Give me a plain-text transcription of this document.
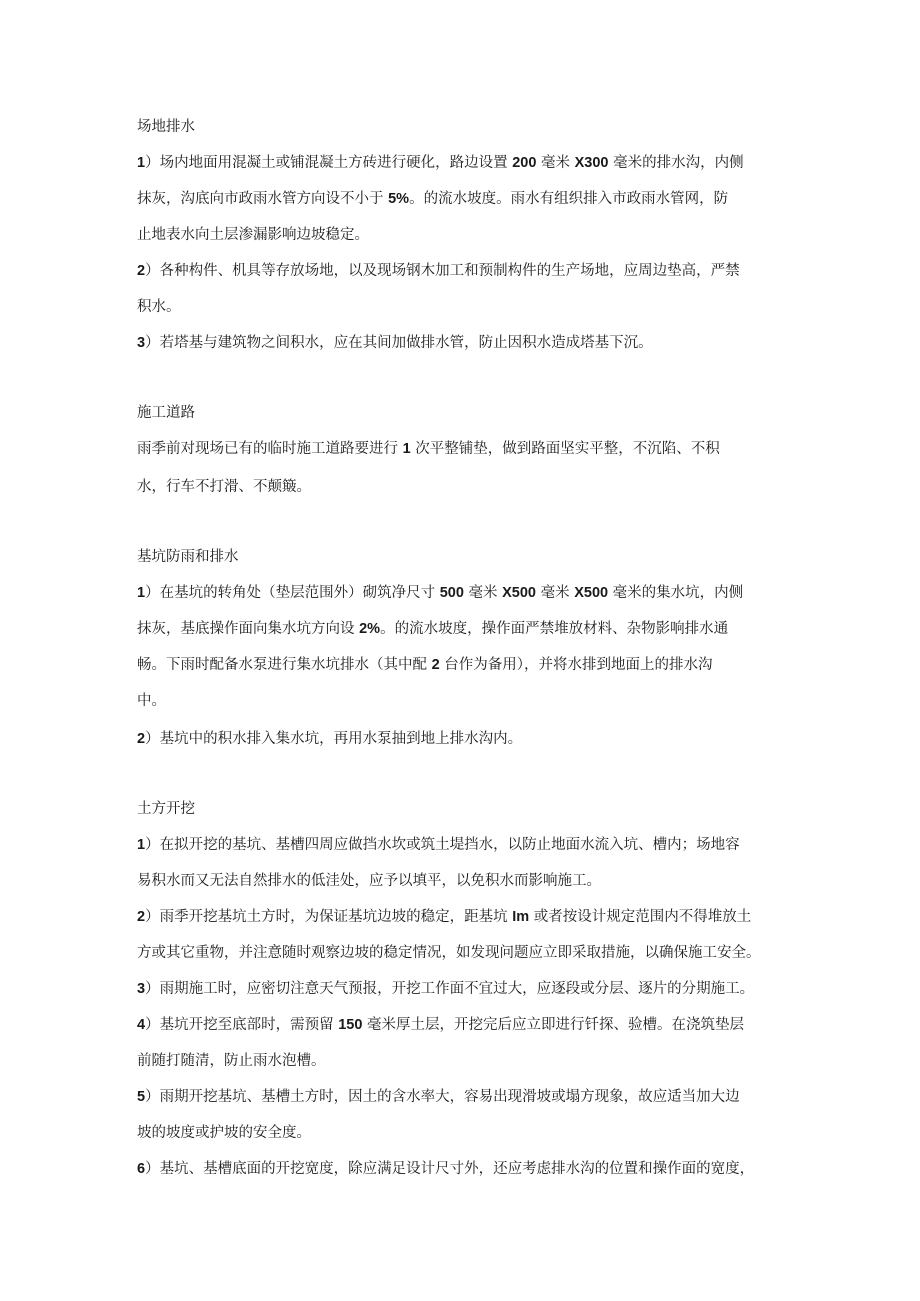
场地排水
1）场内地面用混凝土或铺混凝土方砖进行硬化，路边设置 200 毫米 X300 毫米的排水沟，内侧
抹灰，沟底向市政雨水管方向设不小于 5%。的流水坡度。雨水有组织排入市政雨水管网，防
止地表水向土层渗漏影响边坡稳定。
2）各种构件、机具等存放场地，以及现场钢木加工和预制构件的生产场地，应周边垫高，严禁
积水。
3）若塔基与建筑物之间积水，应在其间加做排水管，防止因积水造成塔基下沉。
施工道路
雨季前对现场已有的临时施工道路要进行 1 次平整铺垫，做到路面坚实平整，不沉陷、不积
水，行车不打滑、不颠簸。
基坑防雨和排水
1）在基坑的转角处（垫层范围外）砌筑净尺寸 500 毫米 X500 毫米 X500 毫米的集水坑，内侧
抹灰，基底操作面向集水坑方向设 2%。的流水坡度，操作面严禁堆放材料、杂物影响排水通
畅。下雨时配备水泵进行集水坑排水（其中配 2 台作为备用），并将水排到地面上的排水沟
中。
2）基坑中的积水排入集水坑，再用水泵抽到地上排水沟内。
土方开挖
1）在拟开挖的基坑、基槽四周应做挡水坎或筑土堤挡水，以防止地面水流入坑、槽内；场地容
易积水而又无法自然排水的低洼处，应予以填平，以免积水而影响施工。
2）雨季开挖基坑土方时，为保证基坑边坡的稳定，距基坑 Im 或者按设计规定范围内不得堆放土
方或其它重物，并注意随时观察边坡的稳定情况，如发现问题应立即采取措施，以确保施工安全。
3）雨期施工时，应密切注意天气预报，开挖工作面不宜过大，应逐段或分层、逐片的分期施工。
4）基坑开挖至底部时，需预留 150 毫米厚土层，开挖完后应立即进行钎探、验槽。在浇筑垫层
前随打随清，防止雨水泡槽。
5）雨期开挖基坑、基槽土方时，因土的含水率大，容易出现滑坡或塌方现象，故应适当加大边
坡的坡度或护坡的安全度。
6）基坑、基槽底面的开挖宽度，除应满足设计尺寸外，还应考虑排水沟的位置和操作面的宽度，
